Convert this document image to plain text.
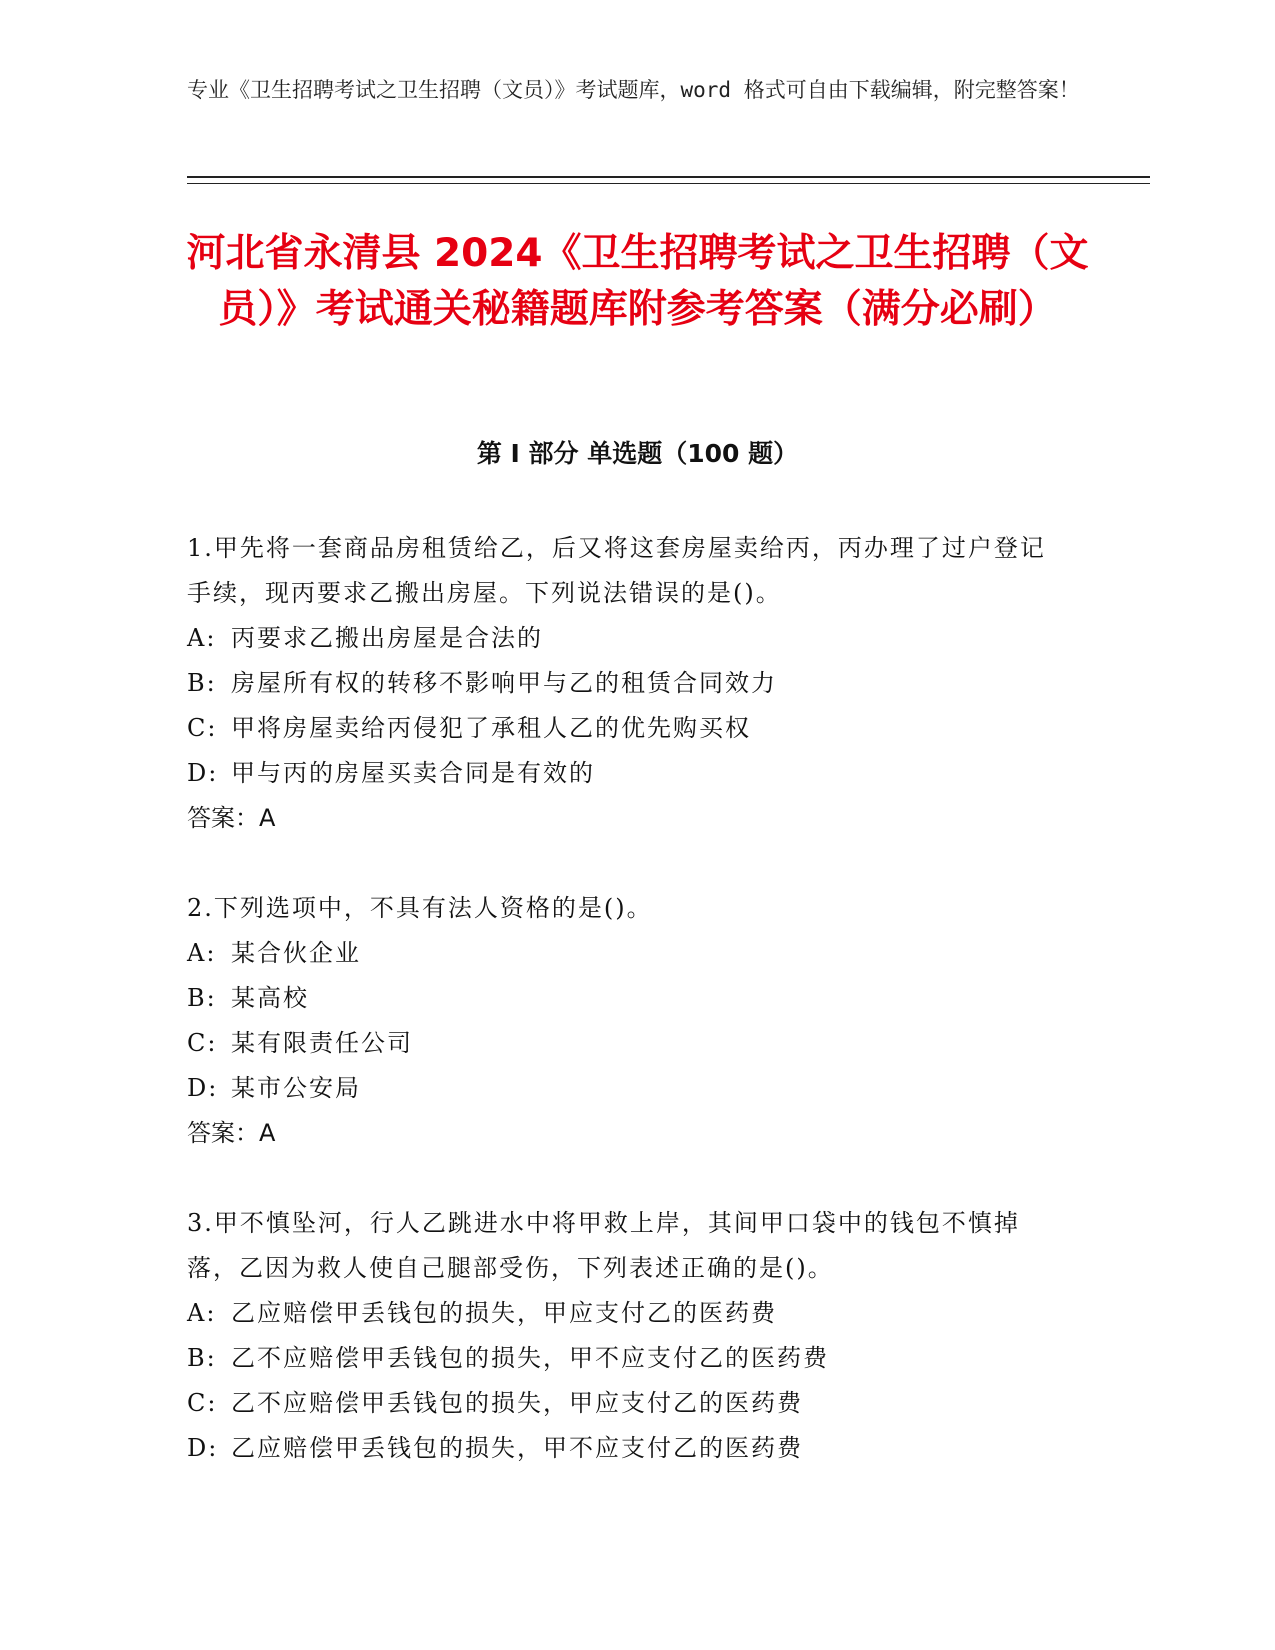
专业《卫生招聘考试之卫生招聘（文员）》考试题库，word 格式可自由下载编辑，附完整答案！
河北省永清县 2024《卫生招聘考试之卫生招聘（文员）》考试通关秘籍题库附参考答案（满分必刷）
第 I 部分 单选题（100 题）

1.甲先将一套商品房租赁给乙，后又将这套房屋卖给丙，丙办理了过户登记手续，现丙要求乙搬出房屋。下列说法错误的是()。

A: 丙要求乙搬出房屋是合法的

B: 房屋所有权的转移不影响甲与乙的租赁合同效力

C: 甲将房屋卖给丙侵犯了承租人乙的优先购买权

D: 甲与丙的房屋买卖合同是有效的

答案：A

2.下列选项中，不具有法人资格的是()。

A: 某合伙企业

B: 某高校

C: 某有限责任公司

D: 某市公安局

答案：A

3.甲不慎坠河，行人乙跳进水中将甲救上岸，其间甲口袋中的钱包不慎掉落，乙因为救人使自己腿部受伤，下列表述正确的是()。

A: 乙应赔偿甲丢钱包的损失，甲应支付乙的医药费

B: 乙不应赔偿甲丢钱包的损失，甲不应支付乙的医药费

C: 乙不应赔偿甲丢钱包的损失，甲应支付乙的医药费

D: 乙应赔偿甲丢钱包的损失，甲不应支付乙的医药费
